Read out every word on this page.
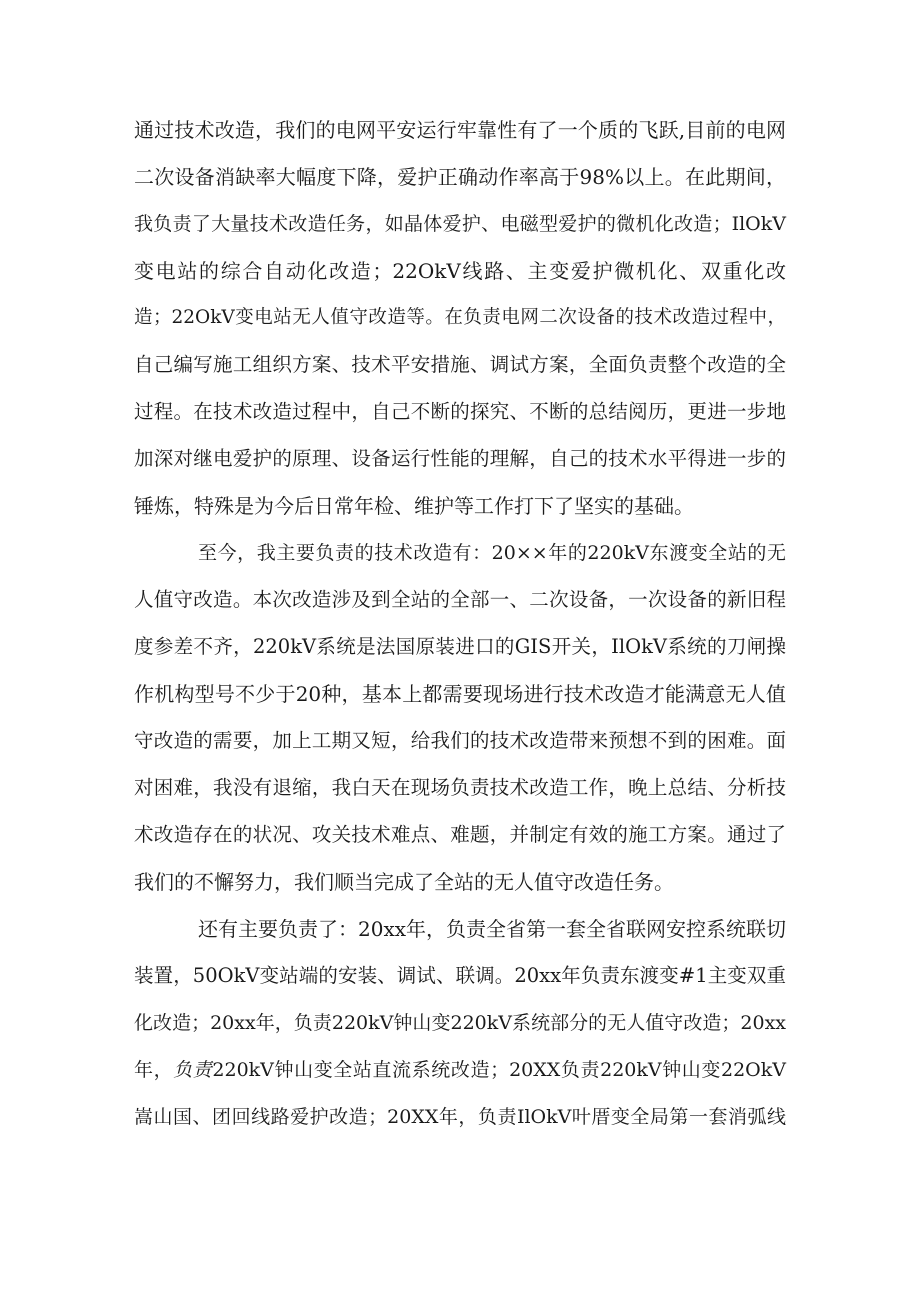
通过技术改造，我们的电网平安运行牢靠性有了一个质的飞跃,目前的电网
二次设备消缺率大幅度下降，爱护正确动作率高于98%以上。在此期间，
我负责了大量技术改造任务，如晶体爱护、电磁型爱护的微机化改造；IlOkV
变电站的综合自动化改造；22OkV线路、主变爱护微机化、双重化改
造；22OkV变电站无人值守改造等。在负责电网二次设备的技术改造过程中，
自己编写施工组织方案、技术平安措施、调试方案，全面负责整个改造的全
过程。在技术改造过程中，自己不断的探究、不断的总结阅历，更进一步地
加深对继电爱护的原理、设备运行性能的理解，自己的技术水平得进一步的
锤炼，特殊是为今后日常年检、维护等工作打下了坚实的基础。
至今，我主要负责的技术改造有：20××年的220kV东渡变全站的无
人值守改造。本次改造涉及到全站的全部一、二次设备，一次设备的新旧程
度参差不齐，220kV系统是法国原装进口的GIS开关，IlOkV系统的刀闸操
作机构型号不少于20种，基本上都需要现场进行技术改造才能满意无人值
守改造的需要，加上工期又短，给我们的技术改造带来预想不到的困难。面
对困难，我没有退缩，我白天在现场负责技术改造工作，晚上总结、分析技
术改造存在的状况、攻关技术难点、难题，并制定有效的施工方案。通过了
我们的不懈努力，我们顺当完成了全站的无人值守改造任务。
还有主要负责了：20xx年，负责全省第一套全省联网安控系统联切
装置，50OkV变站端的安装、调试、联调。20xx年负责东渡变#1主变双重
化改造；20xx年，负责220kV钟山变220kV系统部分的无人值守改造；20xx
年，负责220kV钟山变全站直流系统改造；20XX负责220kV钟山变22OkV
嵩山国、团回线路爱护改造；20XX年，负责IlOkV叶厝变全局第一套消弧线
